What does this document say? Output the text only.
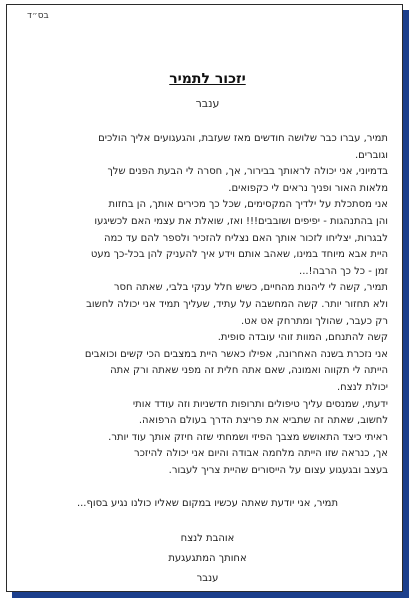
בס״ד
יזכור לתמיר
ענבר

תמיר, עברו כבר שלושה חודשים מאז שעזבת, והגעגועים אליך הולכים

וגוברים.

בדמיוני, אני יכולה לראותך בבירור, אך, חסרה לי הבעת הפנים שלך

מלאות האור ופניך נראים לי כקפואים.

אני מסתכלת על ילדיך המקסימים, שכל כך מכירים אותך, הן בחזות

והן בהתנהגות - יפיפים ושובבים!!! ואז, שואלת את עצמי האם לכשיגעו

לבגרות, יצליחו לזכור אותך האם נצליח להזכיר ולספר להם עד כמה

היית אבא מיוחד במינו, שאהב אותם וידע איך להעניק להן בכל-כך מעט

זמן - כל כך הרבה!...

תמיר, קשה לי ליהנות מהחיים, כשיש חלל ענקי בלבי, שאתה חסר

ולא תחזור יותר. קשה המחשבה על עתיד, שעליך תמיד אני יכולה לחשוב

רק כעבר, שהולך ומתרחק אט אט.

קשה להתנחם, המוות זוהי עובדה סופית.

אני נזכרת בשנה האחרונה, אפילו כאשר היית במצבים הכי קשים וכואבים

הייתה לי תקווה ואמונה, שאם אתה חלית זה מפני שאתה ורק אתה

יכולת לנצח.

ידעתי, שמנסים עליך טיפולים ותרופות חדשניות וזה עודד אותי

לחשוב, שאתה זה שתביא את פריצת הדרך בעולם הרפואה.

ראיתי כיצד התאושש מצבך הפיזי ושמחתי שזה חיזק אותך עוד יותר.

אך, כנראה שזו הייתה מלחמה אבודה והיום אני יכולה להיזכר

בעצב ובגעגוע עצום על הייסורים שהיית צריך לעבור.

תמיר, אני יודעת שאתה עכשיו במקום שאליו כולנו נגיע בסוף...
אוהבת לנצח
אחותך המתגעגעת
ענבר
